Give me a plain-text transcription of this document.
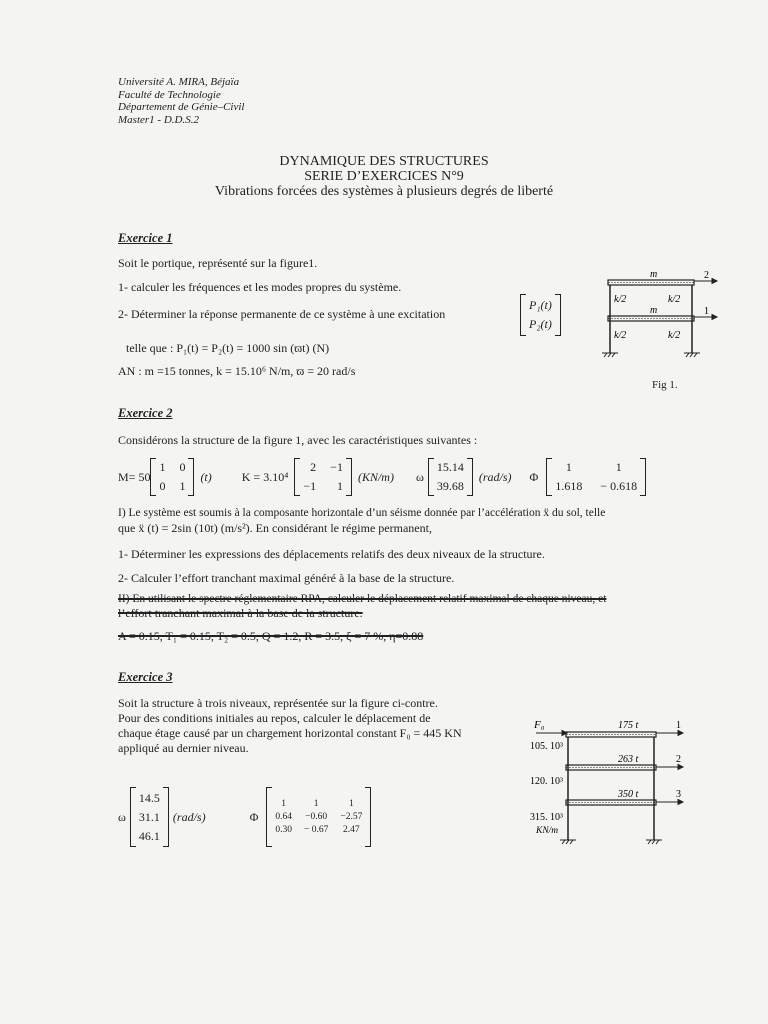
Université A. MIRA, Béjaïa
Faculté de Technologie
Département de Génie–Civil
Master1 - D.D.S.2
DYNAMIQUE DES STRUCTURES
SERIE D’EXERCICES N°9
Vibrations forcées des systèmes à plusieurs degrés de liberté
Exercice 1
Soit le portique, représenté sur la figure1.
1- calculer les fréquences et les modes propres du système.
2- Déterminer la réponse permanente de ce système à une excitation
P₁(t)
P₂(t)
telle que : P₁(t) = P₂(t) = 1000 sin (ϖt) (N)
AN : m =15 tonnes, k = 15.10⁶ N/m, ϖ = 20 rad/s
m
m
2
1
k/2	k/2
k/2	k/2
Fig 1.
Exercice 2
Considérons la structure de la figure 1, avec les caractéristiques suivantes :
M= 50
1 0
0 1
(t)	K = 3.10⁴
2 −1
−1 1
(KN/m) ω
15.14
39.68
(rad/s) Φ
1	1
1.618 − 0.618
I) Le système est soumis à la composante horizontale d’un séisme donnée par l’accélération ẍ du sol, telle
que ẍ (t) = 2sin (10t) (m/s²). En considérant le régime permanent,
1- Déterminer les expressions des déplacements relatifs des deux niveaux de la structure.
2- Calculer l’effort tranchant maximal généré à la base de la structure.
II) En utilisant le spectre réglementaire RPA, calculer le déplacement relatif maximal de chaque niveau, et
l’effort tranchant maximal à la base de la structure.
A = 0.15, T₁ = 0.15, T₂ = 0.5, Q = 1.2, R = 3.5, ξ = 7 %, η=0.88
Exercice 3
Soit la structure à trois niveaux, représentée sur la figure ci-contre.
Pour des conditions initiales au repos, calculer le déplacement de
chaque étage causé par un chargement horizontal constant F₀ = 445 KN
appliqué au dernier niveau.
ω
14.5
31.1
46.1
(rad/s)	Φ
1	1	1
0.64 −0.60 −2.57
0.30 − 0.67 2.47
F₀	175 t
263 t
350 t
1
2
3
105. 10³
120. 10³
315. 10³
KN/m
